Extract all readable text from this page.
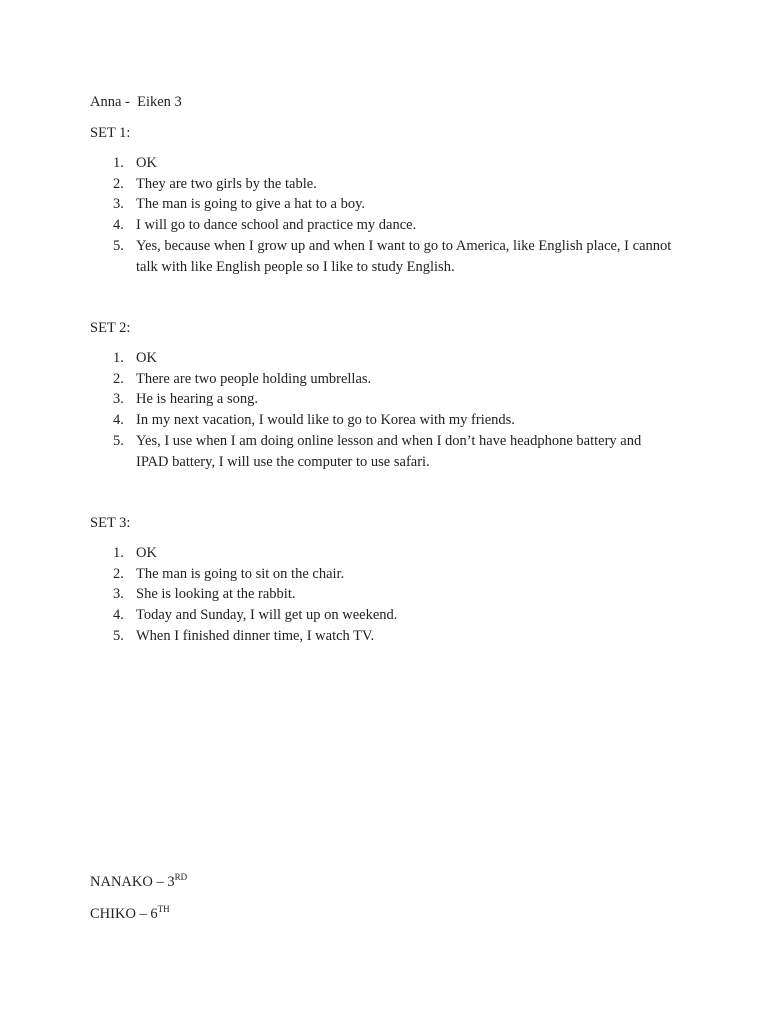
Anna -  Eiken 3
SET 1:
1. OK
2. They are two girls by the table.
3. The man is going to give a hat to a boy.
4. I will go to dance school and practice my dance.
5. Yes, because when I grow up and when I want to go to America, like English place, I cannot talk with like English people so I like to study English.
SET 2:
1. OK
2. There are two people holding umbrellas.
3. He is hearing a song.
4. In my next vacation, I would like to go to Korea with my friends.
5. Yes, I use when I am doing online lesson and when I don’t have headphone battery and IPAD battery, I will use the computer to use safari.
SET 3:
1. OK
2. The man is going to sit on the chair.
3. She is looking at the rabbit.
4. Today and Sunday, I will get up on weekend.
5. When I finished dinner time, I watch TV.
NANAKO – 3RD
CHIKO – 6TH
